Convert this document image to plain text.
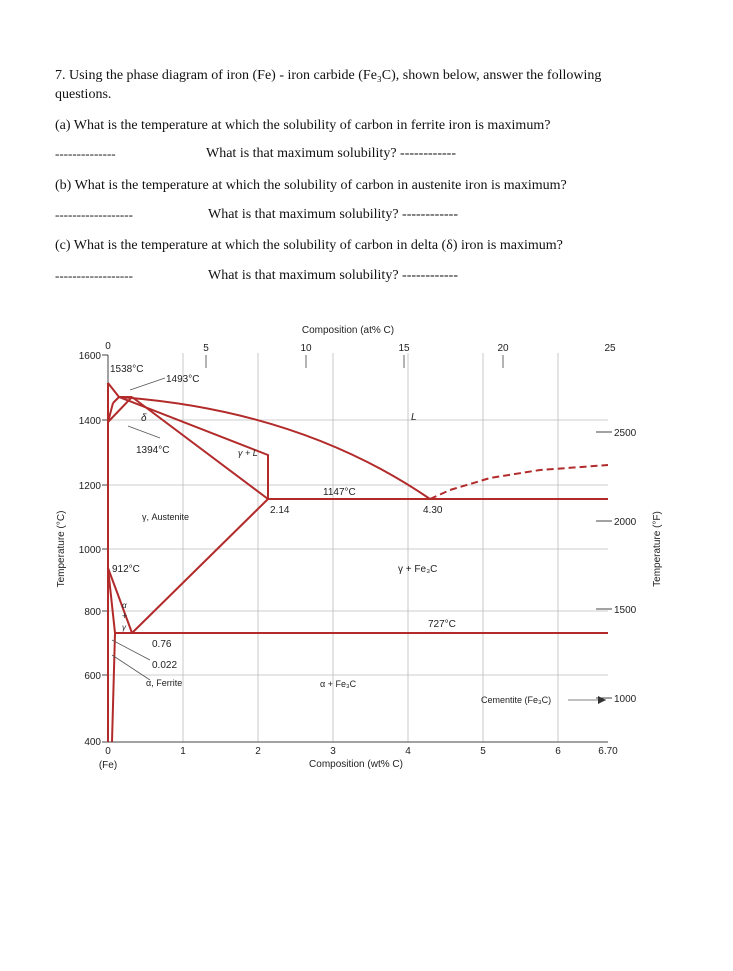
7. Using the phase diagram of iron (Fe) - iron carbide (Fe₃C), shown below, answer the following questions.
(a) What is the temperature at which the solubility of carbon in ferrite iron is maximum?
--------------	What is that maximum solubility? ------------
(b) What is the temperature at which the solubility of carbon in austenite iron is maximum?
------------------	What is that maximum solubility? ------------
(c) What is the temperature at which the solubility of carbon in delta (δ) iron is maximum?
------------------	What is that maximum solubility? ------------
1600
1400
1200
1000
800
600
400
0	5	10	15	20	25
Composition (at% C)
0	1	2	3	4	5	6	6.70
(Fe)	Composition (wt% C)
2500
2000
1500
1000
Temperature (°C)	Temperature (°F)
1538°C
1493°C
δ
1394°C
L
γ + L
1147°C
2.14	4.30
γ, Austenite
912°C	γ + Fe₃C
α
+
γ	727°C
0.76
0.022
α, Ferrite	α + Fe₃C
Cementite (Fe₃C)
